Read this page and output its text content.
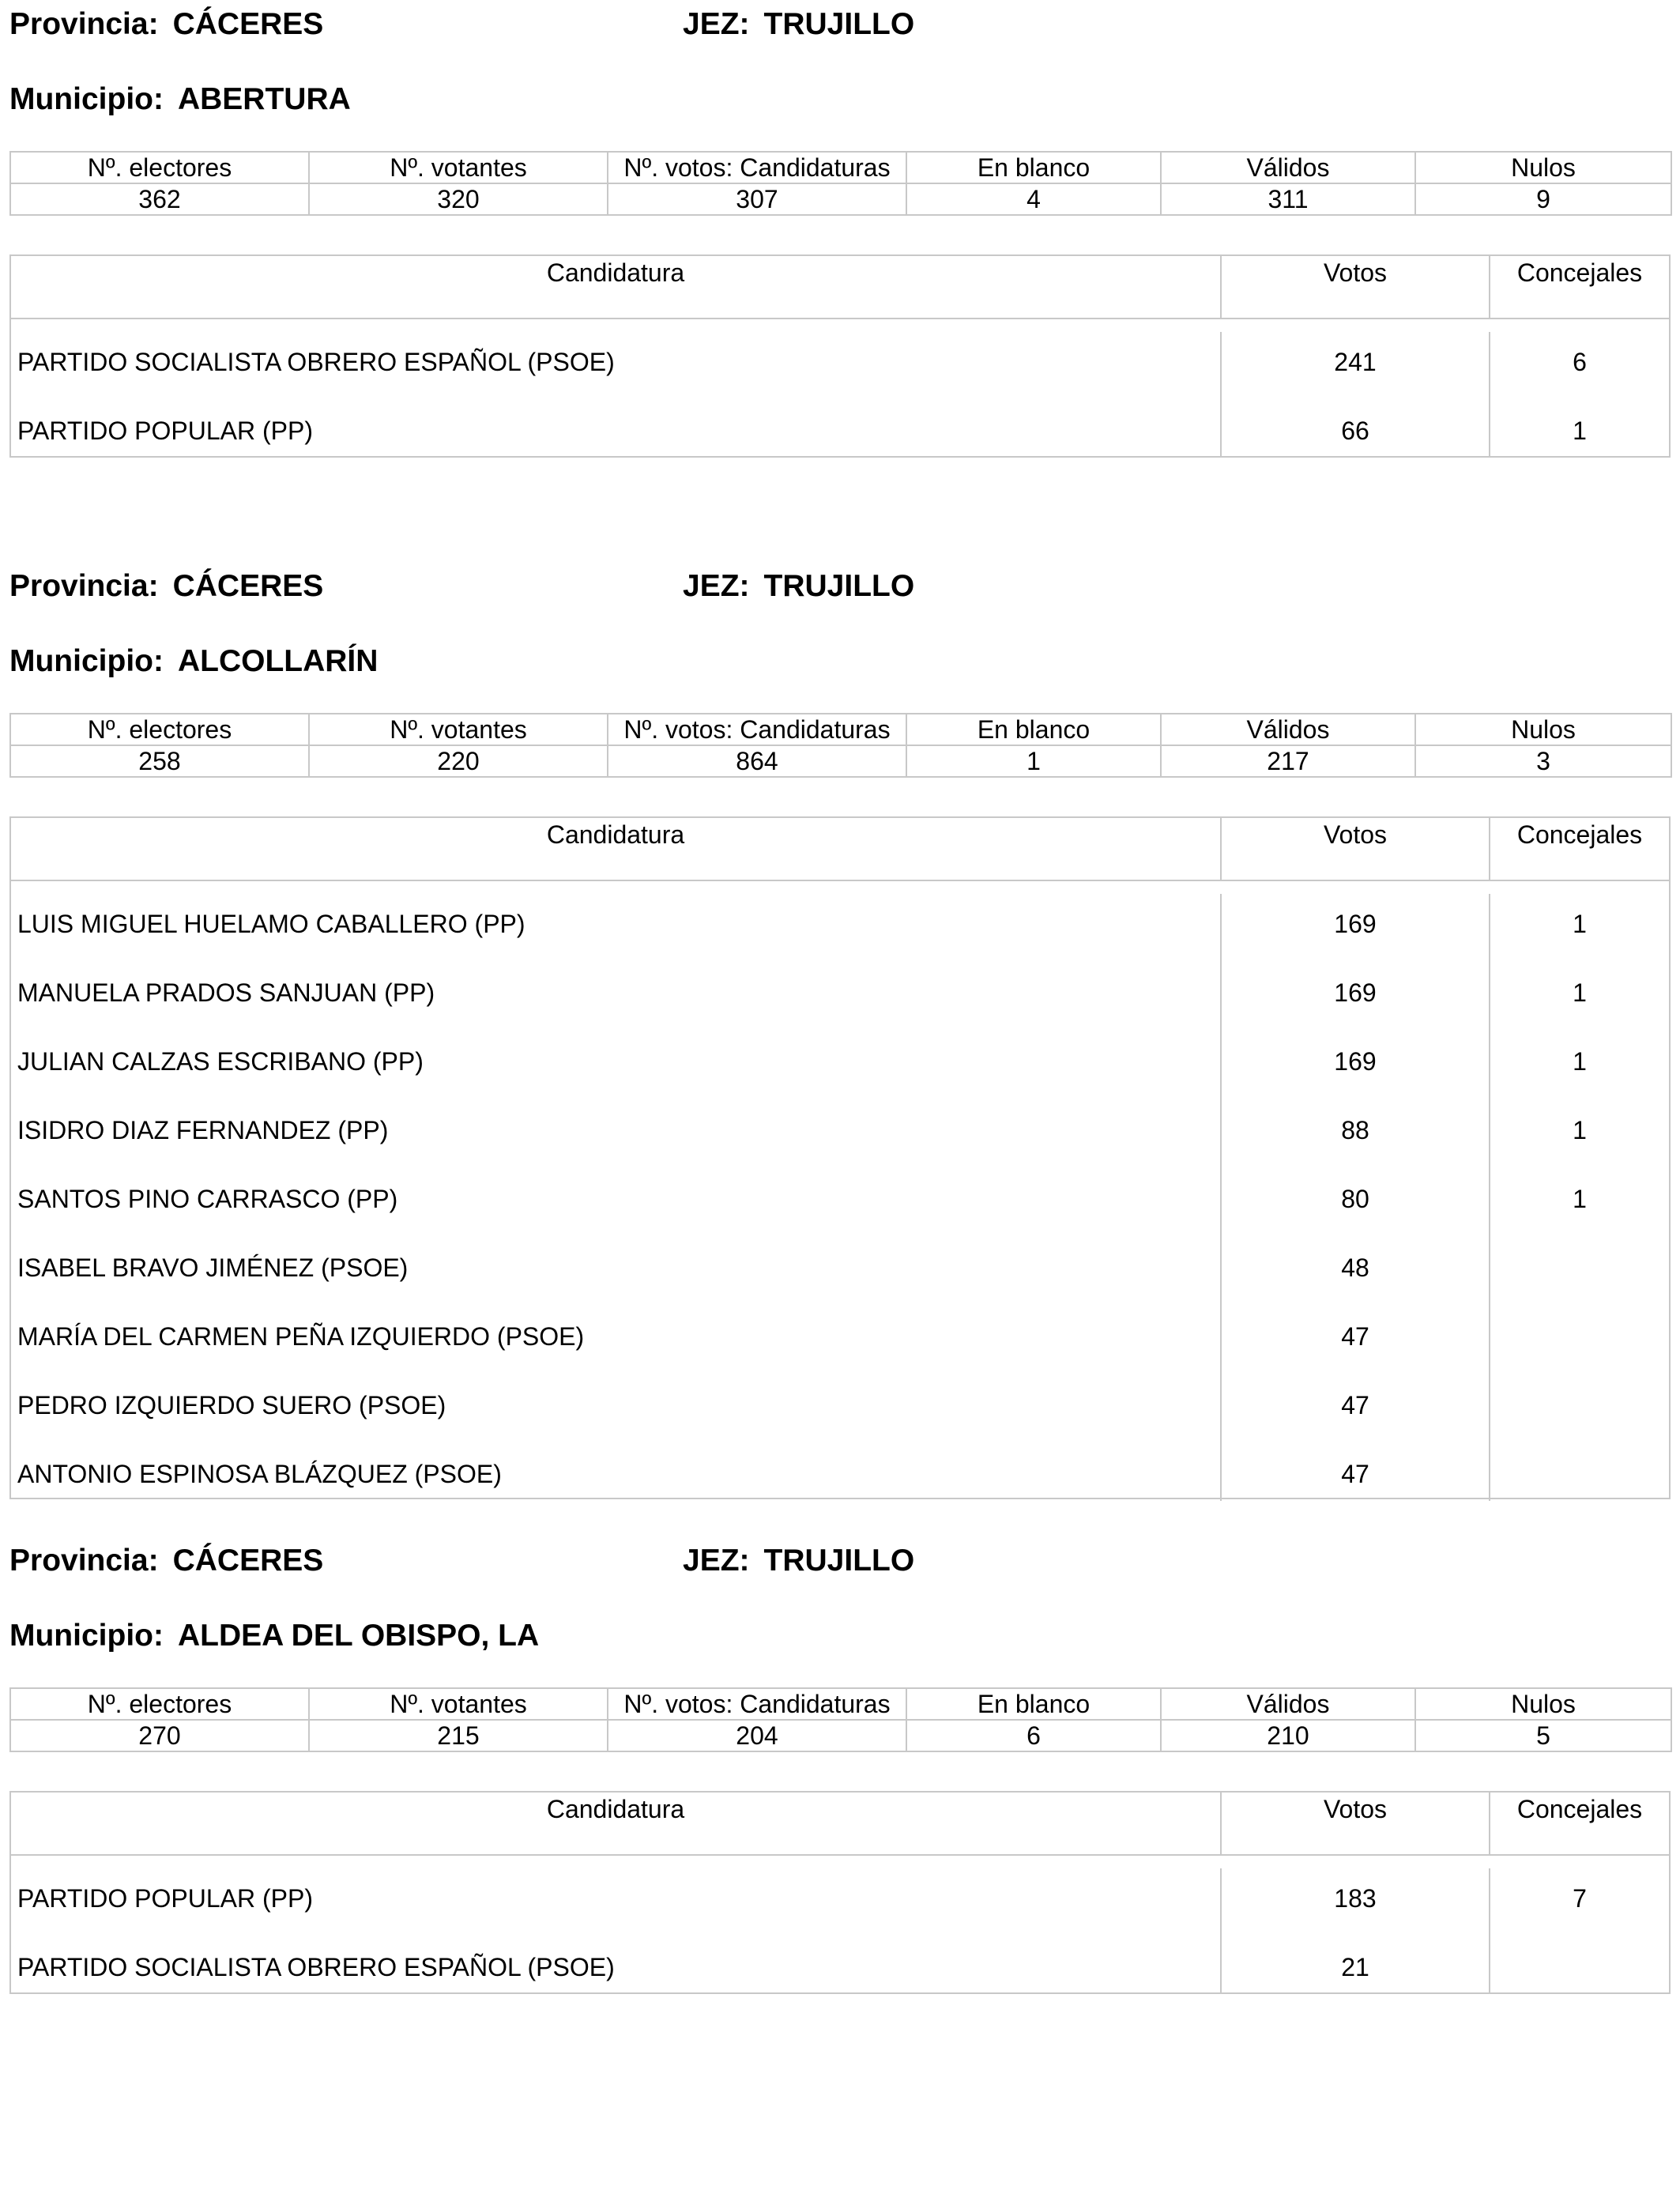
Provincia: CÁCERES	JEZ: TRUJILLO
Municipio: ABERTURA
Nº. electores	Nº. votantes	Nº. votos: Candidaturas	En blanco	Válidos	Nulos
362	320	307	4	311	9
Candidatura	Votos	Concejales
PARTIDO SOCIALISTA OBRERO ESPAÑOL (PSOE)	241	6
PARTIDO POPULAR (PP)	66	1
Provincia: CÁCERES	JEZ: TRUJILLO
Municipio: ALCOLLARÍN
Nº. electores	Nº. votantes	Nº. votos: Candidaturas	En blanco	Válidos	Nulos
258	220	864	1	217	3
Candidatura	Votos	Concejales
LUIS MIGUEL HUELAMO CABALLERO (PP)	169	1
MANUELA PRADOS SANJUAN (PP)	169	1
JULIAN CALZAS ESCRIBANO (PP)	169	1
ISIDRO DIAZ FERNANDEZ (PP)	88	1
SANTOS PINO CARRASCO (PP)	80	1
ISABEL BRAVO JIMÉNEZ (PSOE)	48
MARÍA DEL CARMEN PEÑA IZQUIERDO (PSOE)	47
PEDRO IZQUIERDO SUERO (PSOE)	47
ANTONIO ESPINOSA BLÁZQUEZ (PSOE)	47
Provincia: CÁCERES	JEZ: TRUJILLO
Municipio: ALDEA DEL OBISPO, LA
Nº. electores	Nº. votantes	Nº. votos: Candidaturas	En blanco	Válidos	Nulos
270	215	204	6	210	5
Candidatura	Votos	Concejales
PARTIDO POPULAR (PP)	183	7
PARTIDO SOCIALISTA OBRERO ESPAÑOL (PSOE)	21
